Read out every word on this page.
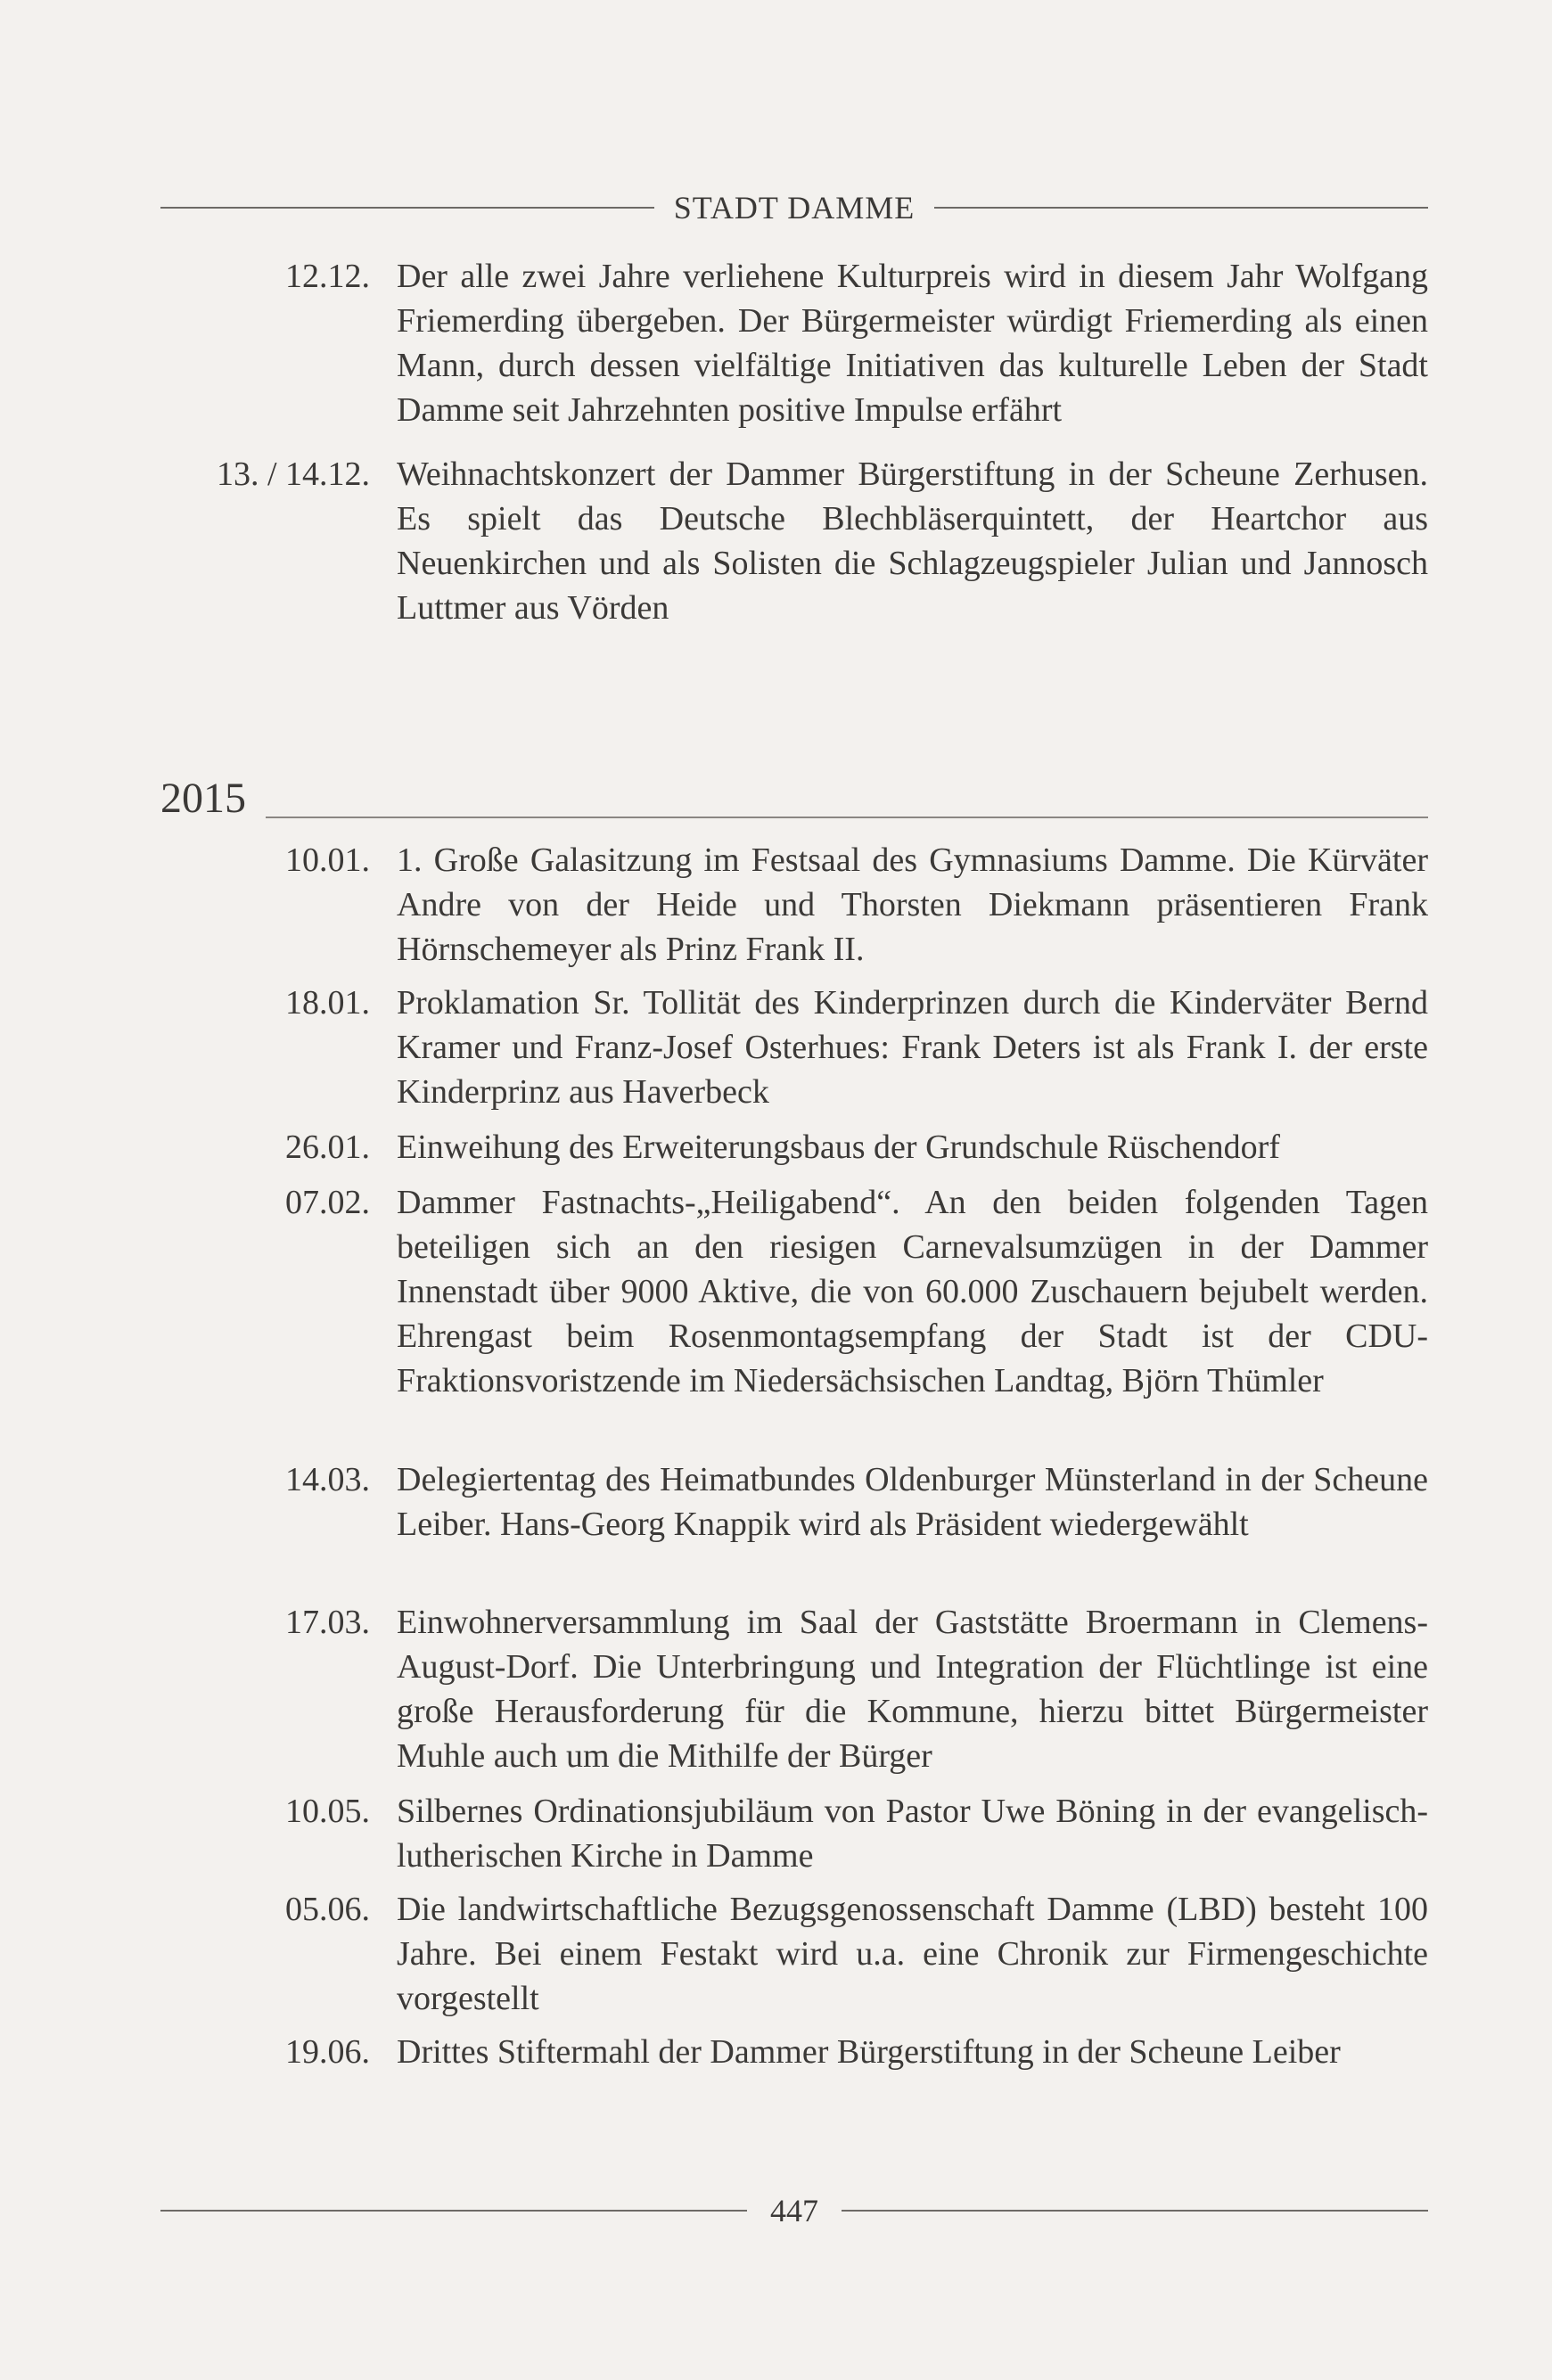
STADT DAMME
12.12. Der alle zwei Jahre verliehene Kulturpreis wird in diesem Jahr Wolfgang Friemerding übergeben. Der Bürgermeister würdigt Friemerding als einen Mann, durch dessen vielfältige Initiativen das kulturelle Leben der Stadt Damme seit Jahrzehnten positive Impulse erfährt
13. / 14.12. Weihnachtskonzert der Dammer Bürgerstiftung in der Scheune Zerhusen. Es spielt das Deutsche Blechbläserquintett, der Heartchor aus Neuenkirchen und als Solisten die Schlagzeugspieler Julian und Jannosch Luttmer aus Vörden
2015
10.01. 1. Große Galasitzung im Festsaal des Gymnasiums Damme. Die Kürväter Andre von der Heide und Thorsten Diekmann präsentieren Frank Hörnschemeyer als Prinz Frank II.
18.01. Proklamation Sr. Tollität des Kinderprinzen durch die Kinderväter Bernd Kramer und Franz-Josef Osterhues: Frank Deters ist als Frank I. der erste Kinderprinz aus Haverbeck
26.01. Einweihung des Erweiterungsbaus der Grundschule Rüschendorf
07.02. Dammer Fastnachts-„Heiligabend“. An den beiden folgenden Tagen beteiligen sich an den riesigen Carnevalsumzügen in der Dammer Innenstadt über 9000 Aktive, die von 60.000 Zuschauern bejubelt werden. Ehrengast beim Rosenmontagsempfang der Stadt ist der CDU-Fraktionsvoristzende im Niedersächsischen Landtag, Björn Thümler
14.03. Delegiertentag des Heimatbundes Oldenburger Münsterland in der Scheune Leiber. Hans-Georg Knappik wird als Präsident wiedergewählt
17.03. Einwohnerversammlung im Saal der Gaststätte Broermann in Clemens-August-Dorf. Die Unterbringung und Integration der Flüchtlinge ist eine große Herausforderung für die Kommune, hierzu bittet Bürgermeister Muhle auch um die Mithilfe der Bürger
10.05. Silbernes Ordinationsjubiläum von Pastor Uwe Böning in der evangelisch-lutherischen Kirche in Damme
05.06. Die landwirtschaftliche Bezugsgenossenschaft Damme (LBD) besteht 100 Jahre. Bei einem Festakt wird u.a. eine Chronik zur Firmengeschichte vorgestellt
19.06. Drittes Stiftermahl der Dammer Bürgerstiftung in der Scheune Leiber
447
